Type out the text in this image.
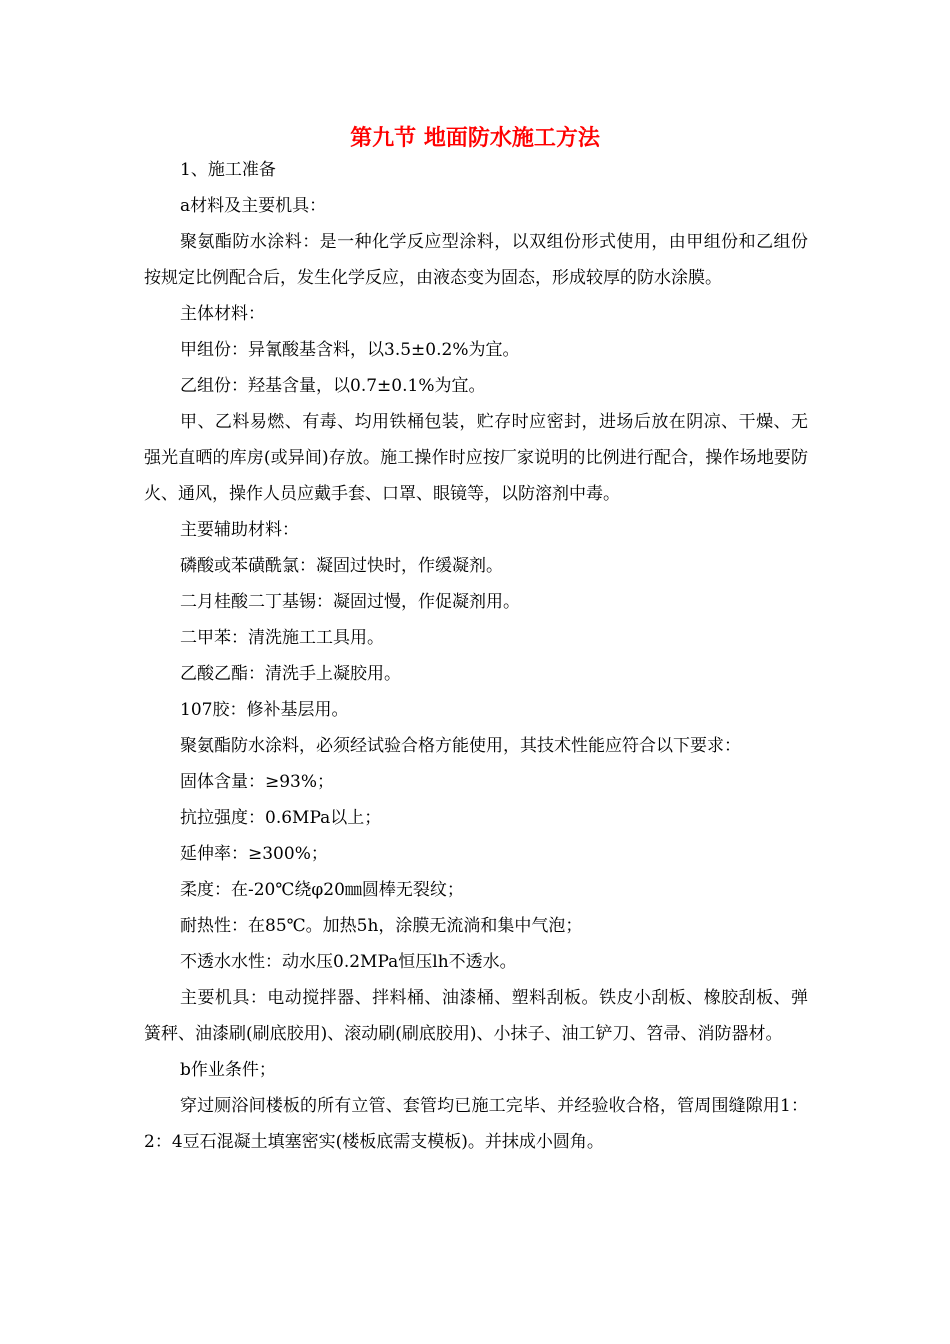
第九节 地面防水施工方法

1、施工准备

a材料及主要机具：

聚氨酯防水涂料：是一种化学反应型涂料，以双组份形式使用，由甲组份和乙组份按规定比例配合后，发生化学反应，由液态变为固态，形成较厚的防水涂膜。

主体材料：

甲组份：异氰酸基含料，以3.5±0.2%为宜。

乙组份：羟基含量，以0.7±0.1%为宜。

甲、乙料易燃、有毒、均用铁桶包装，贮存时应密封，进场后放在阴凉、干燥、无强光直晒的库房(或异间)存放。施工操作时应按厂家说明的比例进行配合，操作场地要防火、通风，操作人员应戴手套、口罩、眼镜等，以防溶剂中毒。

主要辅助材料：

磷酸或苯磺酰氯：凝固过快时，作缓凝剂。

二月桂酸二丁基锡：凝固过慢，作促凝剂用。

二甲苯：清洗施工工具用。

乙酸乙酯：清洗手上凝胶用。

107胶：修补基层用。

聚氨酯防水涂料，必须经试验合格方能使用，其技术性能应符合以下要求：

固体含量：≥93%；

抗拉强度：0.6MPa以上；

延伸率：≥300%；

柔度：在-20℃绕φ20㎜圆棒无裂纹；

耐热性：在85℃。加热5h，涂膜无流淌和集中气泡；

不透水水性：动水压0.2MPa恒压lh不透水。

主要机具：电动搅拌器、拌料桶、油漆桶、塑料刮板。铁皮小刮板、橡胶刮板、弹簧秤、油漆刷(刷底胶用)、滚动刷(刷底胶用)、小抹子、油工铲刀、笤帚、消防器材。

b作业条件；

穿过厕浴间楼板的所有立管、套管均已施工完毕、并经验收合格，管周围缝隙用1：2：4豆石混凝土填塞密实(楼板底需支模板)。并抹成小圆角。
